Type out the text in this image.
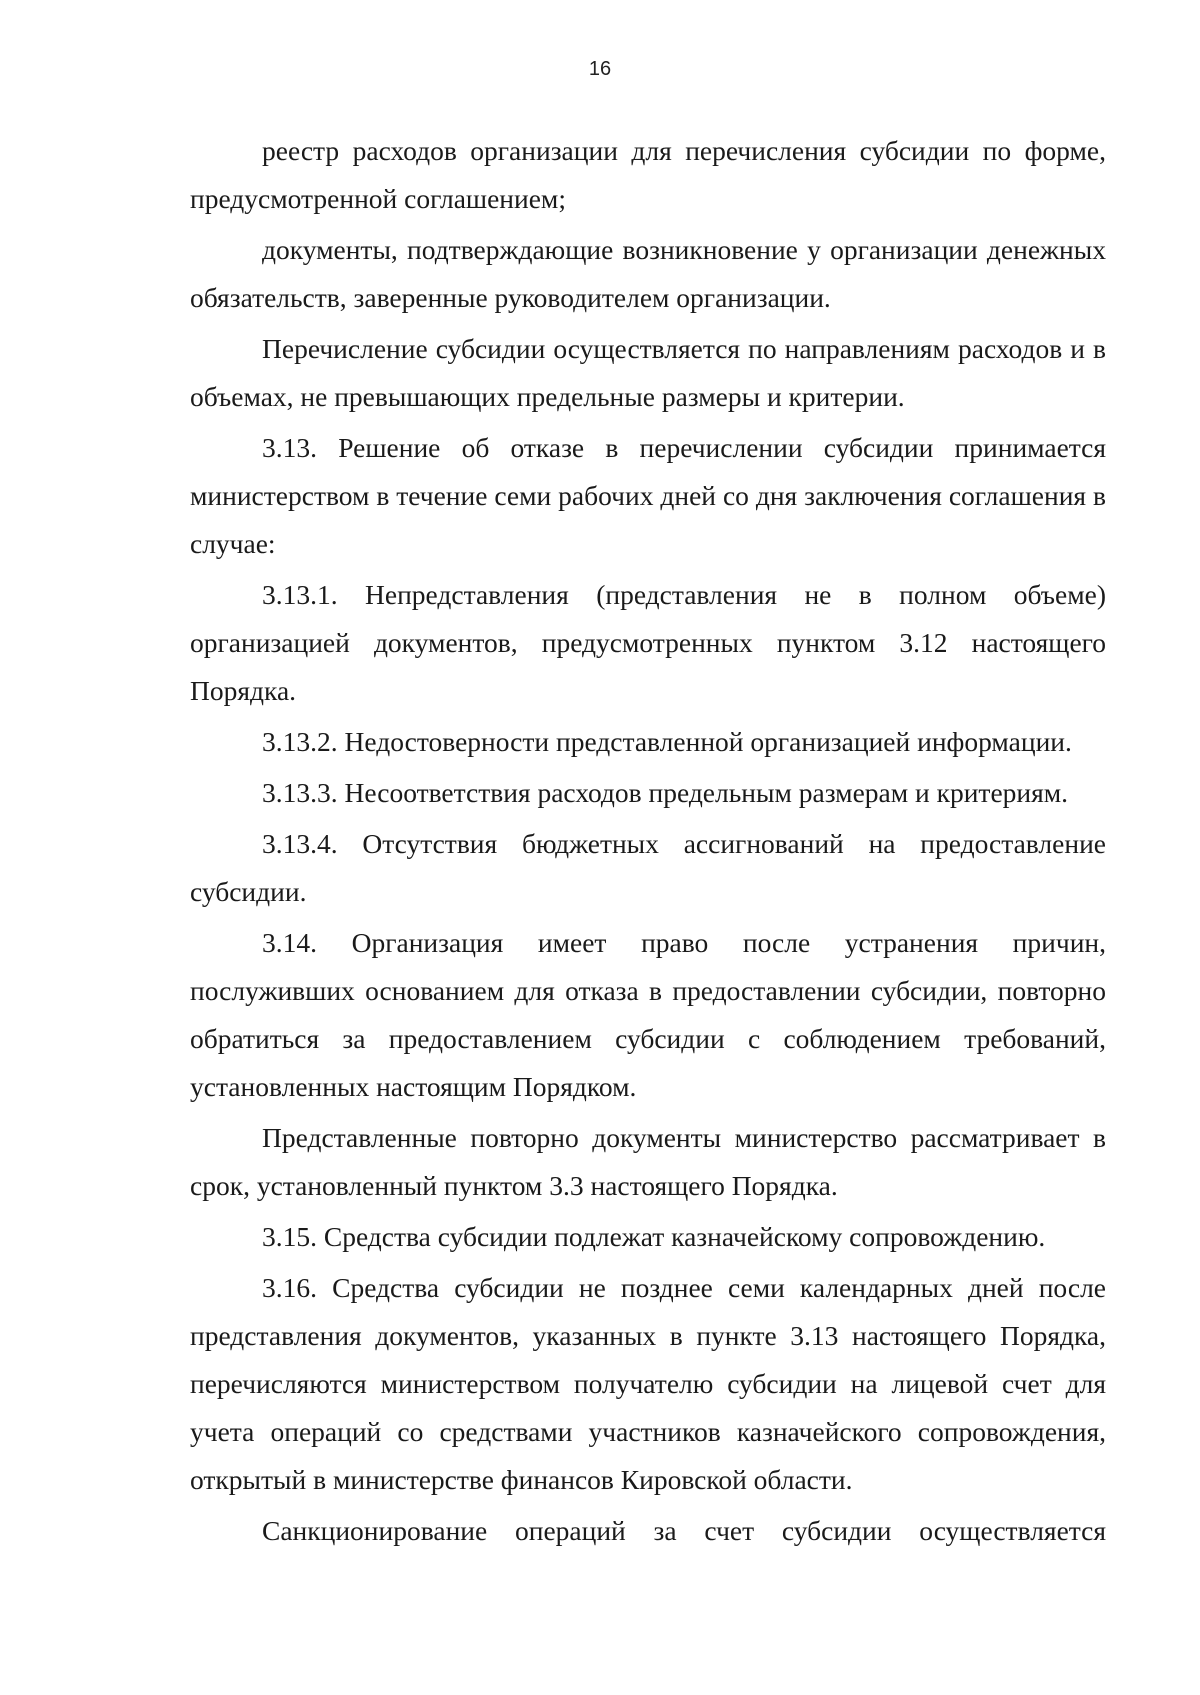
16

реестр расходов организации для перечисления субсидии по форме, предусмотренной соглашением;

документы, подтверждающие возникновение у организации денежных обязательств, заверенные руководителем организации.

Перечисление субсидии осуществляется по направлениям расходов и в объемах, не превышающих предельные размеры и критерии.

3.13. Решение об отказе в перечислении субсидии принимается министерством в течение семи рабочих дней со дня заключения соглашения в случае:

3.13.1. Непредставления (представления не в полном объеме) организацией документов, предусмотренных пунктом 3.12 настоящего Порядка.

3.13.2. Недостоверности представленной организацией информации.

3.13.3. Несоответствия расходов предельным размерам и критериям.

3.13.4. Отсутствия бюджетных ассигнований на предоставление субсидии.

3.14. Организация имеет право после устранения причин, послуживших основанием для отказа в предоставлении субсидии, повторно обратиться за предоставлением субсидии с соблюдением требований, установленных настоящим Порядком.

Представленные повторно документы министерство рассматривает в срок, установленный пунктом 3.3 настоящего Порядка.

3.15. Средства субсидии подлежат казначейскому сопровождению.

3.16. Средства субсидии не позднее семи календарных дней после представления документов, указанных в пункте 3.13 настоящего Порядка, перечисляются министерством получателю субсидии на лицевой счет для учета операций со средствами участников казначейского сопровождения, открытый в министерстве финансов Кировской области.

Санкционирование операций за счет субсидии осуществляется
